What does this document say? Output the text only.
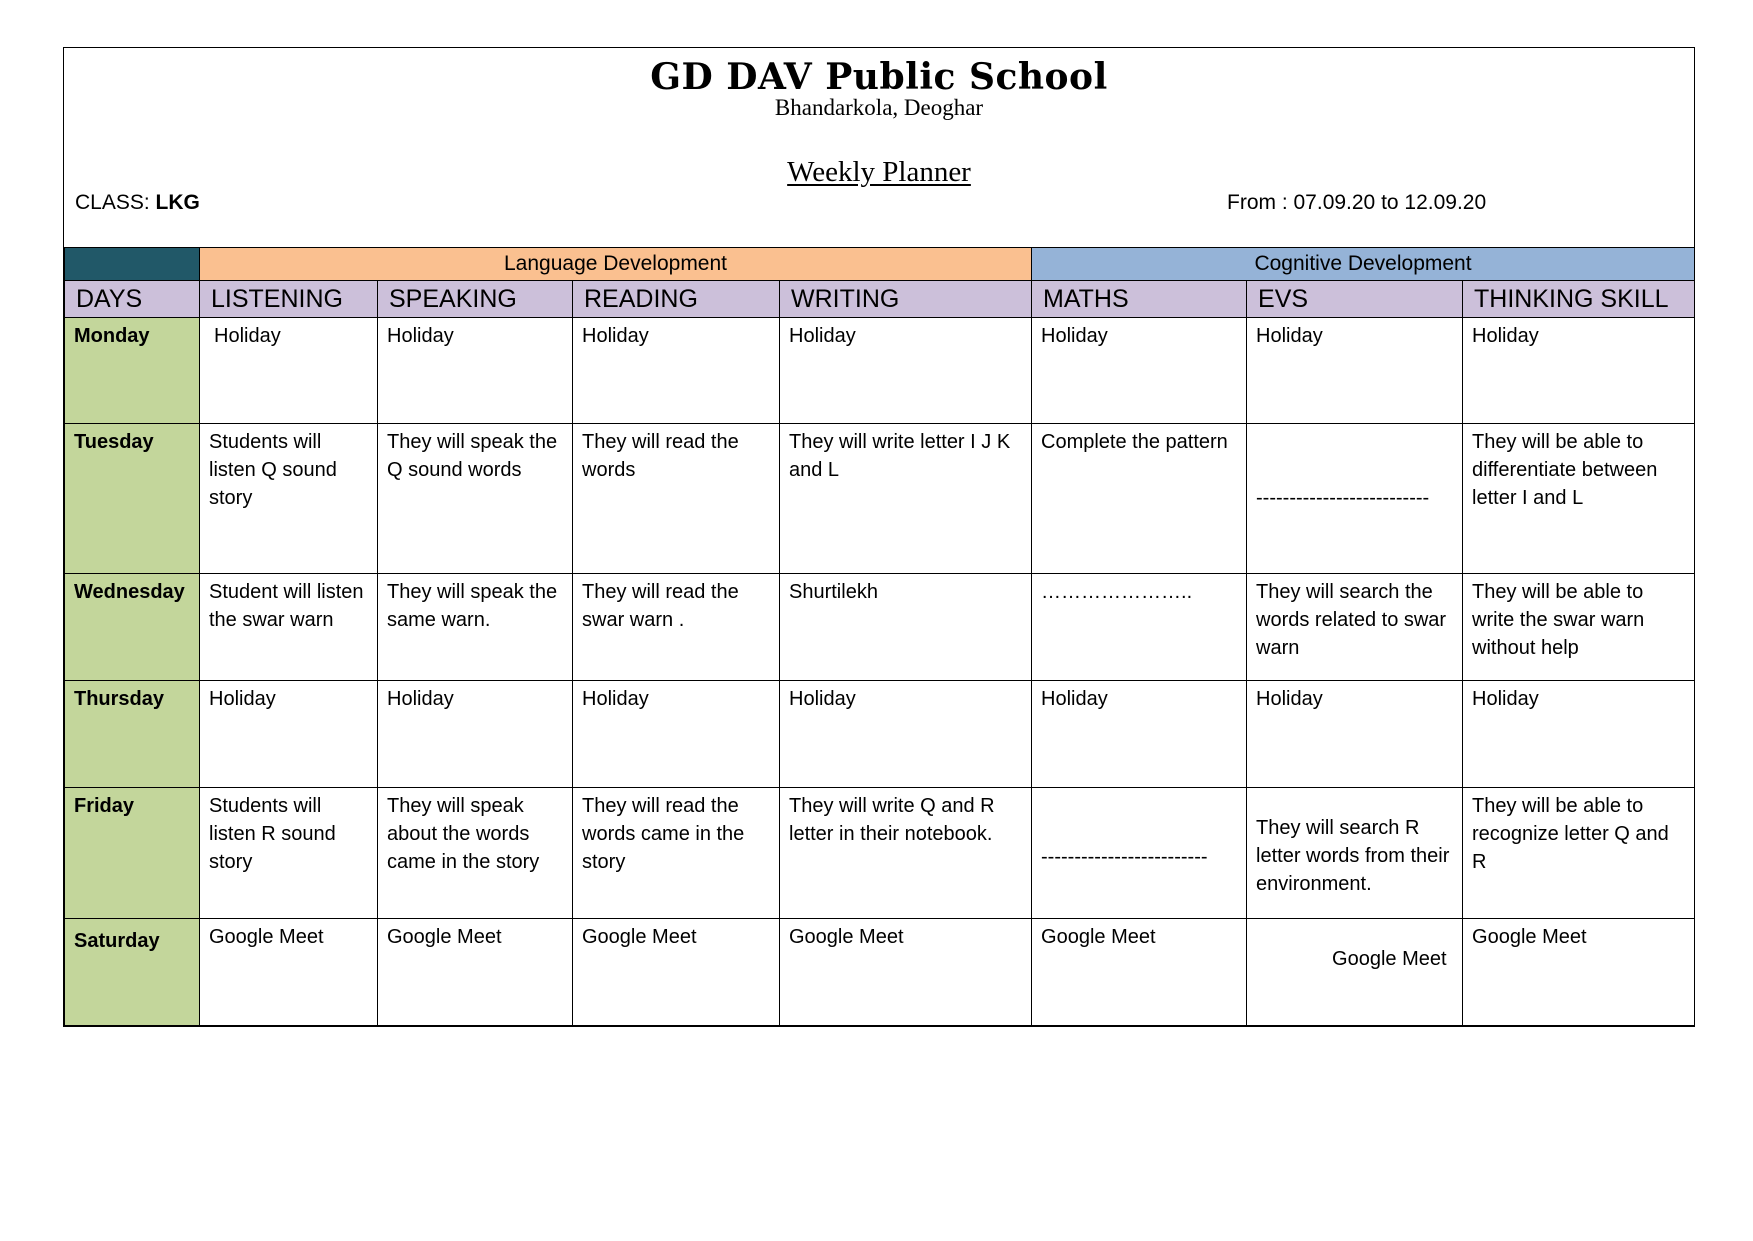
GD DAV Public School
Bhandarkola, Deoghar
Weekly Planner
CLASS: LKG	From : 07.09.20 to 12.09.20
	Language Development				Cognitive Development		
DAYS	LISTENING	SPEAKING	READING	WRITING	MATHS	EVS	THINKING SKILL
Monday	Holiday	Holiday	Holiday	Holiday	Holiday	Holiday	Holiday
Tuesday	Students will listen Q sound story	They will speak the Q sound words	They will read the words	They will write letter I J K and L	Complete the pattern	--------------------------	They will be able to differentiate between letter I and L
Wednesday	Student will listen the swar warn	They will speak the same warn.	They will read the swar warn .	Shurtilekh	…………………..	They will search the words related to swar warn	They will be able to write the swar warn without help
Thursday	Holiday	Holiday	Holiday	Holiday	Holiday	Holiday	Holiday
Friday	Students will listen R sound story	They will speak about the words came in the story	They will read the words came in the story	They will write Q and R letter in their notebook.	-------------------------	They will search R letter words from their environment.	They will be able to recognize letter Q and R
Saturday	Google Meet	Google Meet	Google Meet	Google Meet	Google Meet	Google Meet	Google Meet
